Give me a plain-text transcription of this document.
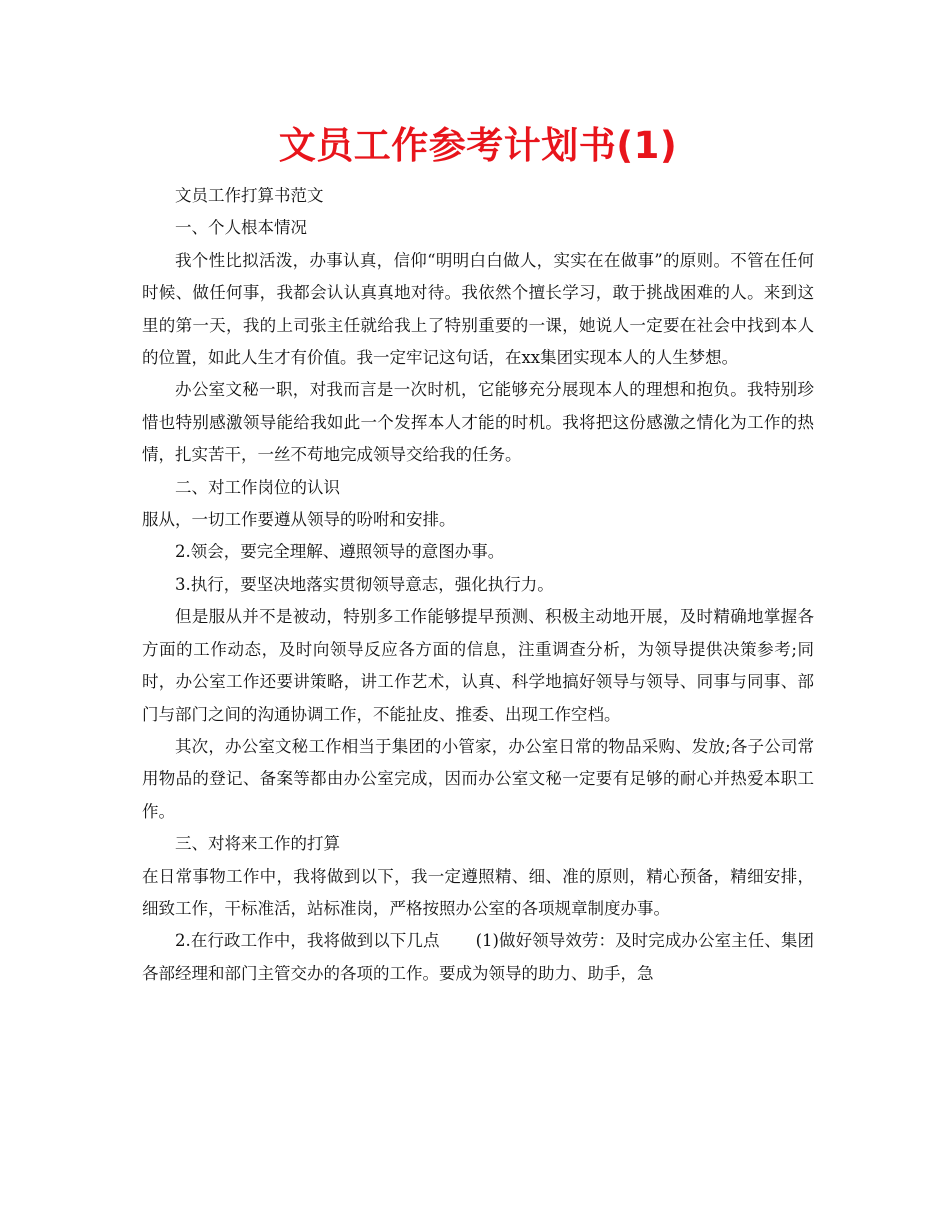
文员工作参考计划书(1)

文员工作打算书范文

一、个人根本情况

我个性比拟活泼，办事认真，信仰“明明白白做人，实实在在做事”的原则。不管在任何时候、做任何事，我都会认认真真地对待。我依然个擅长学习，敢于挑战困难的人。来到这里的第一天，我的上司张主任就给我上了特别重要的一课，她说人一定要在社会中找到本人的位置，如此人生才有价值。我一定牢记这句话，在xx集团实现本人的人生梦想。

办公室文秘一职，对我而言是一次时机，它能够充分展现本人的理想和抱负。我特别珍惜也特别感激领导能给我如此一个发挥本人才能的时机。我将把这份感激之情化为工作的热情，扎实苦干，一丝不苟地完成领导交给我的任务。

二、对工作岗位的认识

服从，一切工作要遵从领导的吩咐和安排。

2.领会，要完全理解、遵照领导的意图办事。

3.执行，要坚决地落实贯彻领导意志，强化执行力。

但是服从并不是被动，特别多工作能够提早预测、积极主动地开展，及时精确地掌握各方面的工作动态，及时向领导反应各方面的信息，注重调查分析，为领导提供决策参考;同时，办公室工作还要讲策略，讲工作艺术，认真、科学地搞好领导与领导、同事与同事、部门与部门之间的沟通协调工作，不能扯皮、推委、出现工作空档。

其次，办公室文秘工作相当于集团的小管家，办公室日常的物品采购、发放;各子公司常用物品的登记、备案等都由办公室完成，因而办公室文秘一定要有足够的耐心并热爱本职工作。

三、对将来工作的打算

在日常事物工作中，我将做到以下，我一定遵照精、细、准的原则，精心预备，精细安排，细致工作，干标准活，站标准岗，严格按照办公室的各项规章制度办事。

2.在行政工作中，我将做到以下几点 (1)做好领导效劳：及时完成办公室主任、集团各部经理和部门主管交办的各项的工作。要成为领导的助力、助手，急
